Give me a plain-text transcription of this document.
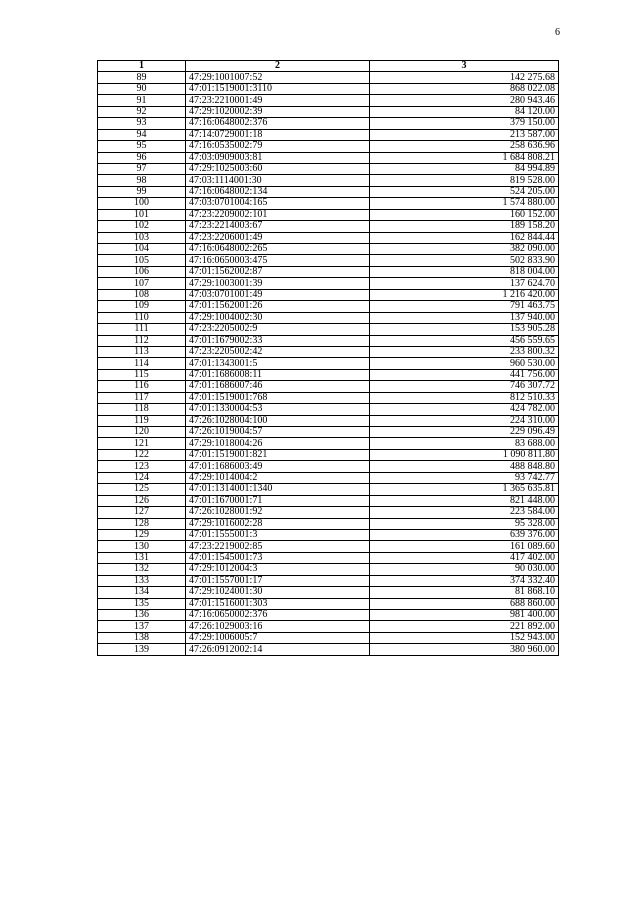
6
1	2	3
89	47:29:1001007:52	142 275.68
90	47:01:1519001:3110	868 022.08
91	47:23:2210001:49	280 943.46
92	47:29:1020002:39	84 120.00
93	47:16:0648002:376	379 150.00
94	47:14:0729001:18	213 587.00
95	47:16:0535002:79	258 636.96
96	47:03:0909003:81	1 684 808.21
97	47:29:1025003:60	84 994.89
98	47:03:1114001:30	819 528.00
99	47:16:0648002:134	524 205.00
100	47:03:0701004:165	1 574 880.00
101	47:23:2209002:101	160 152.00
102	47:23:2214003:67	189 158.20
103	47:23:2206001:49	162 844.44
104	47:16:0648002:265	382 090.00
105	47:16:0650003:475	502 833.90
106	47:01:1562002:87	818 004.00
107	47:29:1003001:39	137 624.70
108	47:03:0701001:49	1 216 420.00
109	47:01:1562001:26	791 463.75
110	47:29:1004002:30	137 940.00
111	47:23:2205002:9	153 905.28
112	47:01:1679002:33	456 559.65
113	47:23:2205002:42	233 800.32
114	47:01:1343001:5	960 530.00
115	47:01:1686008:11	441 756.00
116	47:01:1686007:46	746 307.72
117	47:01:1519001:768	812 510.33
118	47:01:1330004:53	424 782.00
119	47:26:1028004:100	224 310.00
120	47:26:1019004:57	229 096.49
121	47:29:1018004:26	83 688.00
122	47:01:1519001:821	1 090 811.80
123	47:01:1686003:49	488 848.80
124	47:29:1014004:2	93 742.77
125	47:01:1314001:1340	1 365 635.81
126	47:01:1670001:71	821 448.00
127	47:26:1028001:92	223 584.00
128	47:29:1016002:28	95 328.00
129	47:01:1555001:3	639 376.00
130	47:23:2219002:85	161 089.60
131	47:01:1545001:73	417 402.00
132	47:29:1012004:3	90 030.00
133	47:01:1557001:17	374 332.40
134	47:29:1024001:30	81 868.10
135	47:01:1516001:303	688 860.00
136	47:16:0650002:376	981 400.00
137	47:26:1029003:16	221 892.00
138	47:29:1006005:7	152 943.00
139	47:26:0912002:14	380 960.00
